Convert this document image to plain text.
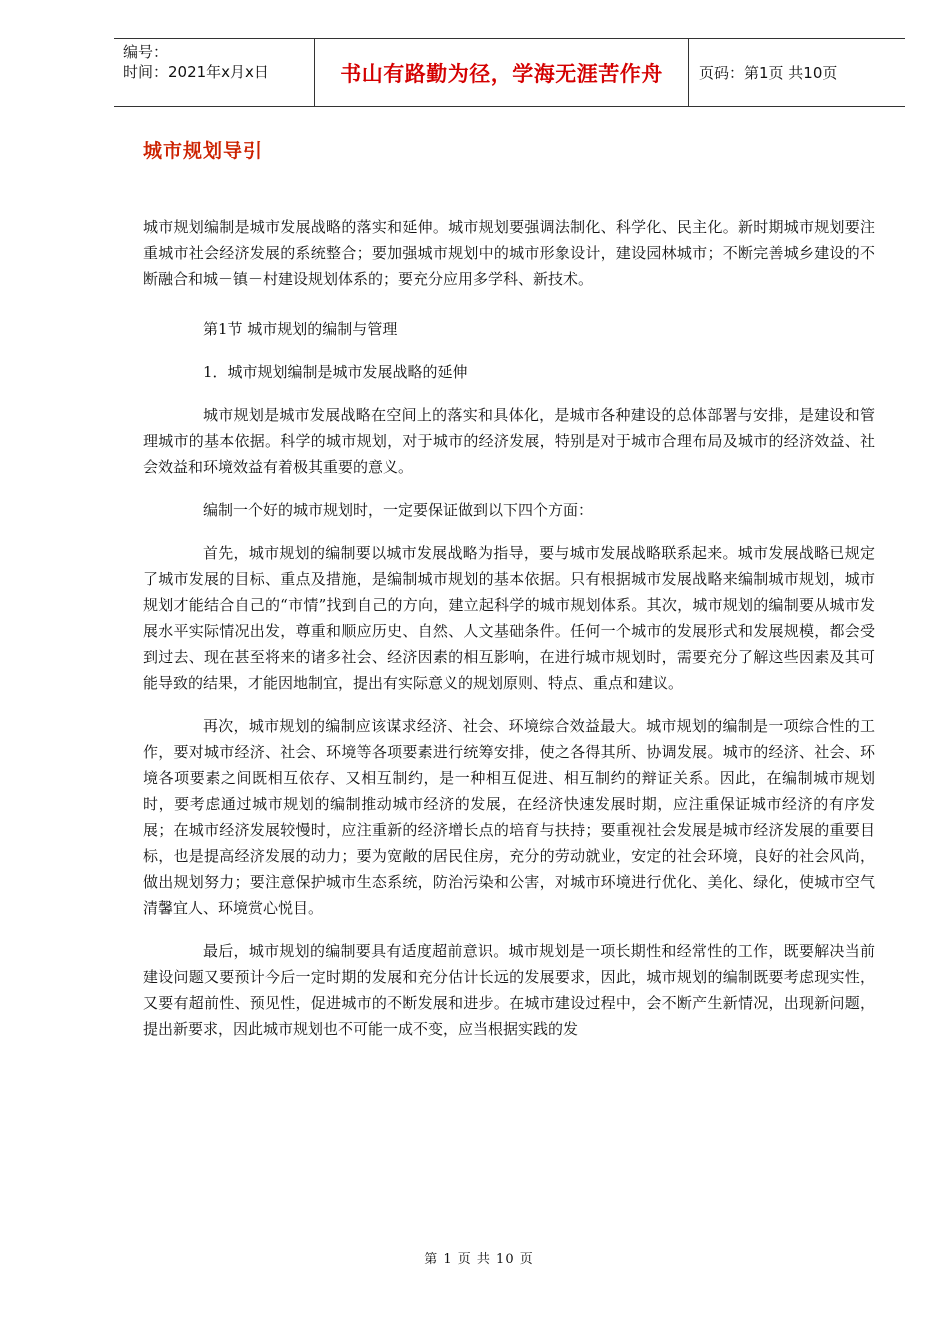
编号：
时间：2021年x月x日	书山有路勤为径，学海无涯苦作舟	页码：第1页 共10页
城市规划导引

城市规划编制是城市发展战略的落实和延伸。城市规划要强调法制化、科学化、民主化。新时期城市规划要注重城市社会经济发展的系统整合；要加强城市规划中的城市形象设计，建设园林城市；不断完善城乡建设的不断融合和城－镇－村建设规划体系的；要充分应用多学科、新技术。

第1节 城市规划的编制与管理

1．城市规划编制是城市发展战略的延伸

城市规划是城市发展战略在空间上的落实和具体化，是城市各种建设的总体部署与安排，是建设和管理城市的基本依据。科学的城市规划，对于城市的经济发展，特别是对于城市合理布局及城市的经济效益、社会效益和环境效益有着极其重要的意义。

编制一个好的城市规划时，一定要保证做到以下四个方面：

首先，城市规划的编制要以城市发展战略为指导，要与城市发展战略联系起来。城市发展战略已规定了城市发展的目标、重点及措施，是编制城市规划的基本依据。只有根据城市发展战略来编制城市规划，城市规划才能结合自己的“市情”找到自己的方向，建立起科学的城市规划体系。其次，城市规划的编制要从城市发展水平实际情况出发，尊重和顺应历史、自然、人文基础条件。任何一个城市的发展形式和发展规模，都会受到过去、现在甚至将来的诸多社会、经济因素的相互影响，在进行城市规划时，需要充分了解这些因素及其可能导致的结果，才能因地制宜，提出有实际意义的规划原则、特点、重点和建议。

再次，城市规划的编制应该谋求经济、社会、环境综合效益最大。城市规划的编制是一项综合性的工作，要对城市经济、社会、环境等各项要素进行统筹安排，使之各得其所、协调发展。城市的经济、社会、环境各项要素之间既相互依存、又相互制约，是一种相互促进、相互制约的辩证关系。因此，在编制城市规划时，要考虑通过城市规划的编制推动城市经济的发展，在经济快速发展时期，应注重保证城市经济的有序发展；在城市经济发展较慢时，应注重新的经济增长点的培育与扶持；要重视社会发展是城市经济发展的重要目标，也是提高经济发展的动力；要为宽敞的居民住房，充分的劳动就业，安定的社会环境，良好的社会风尚，做出规划努力；要注意保护城市生态系统，防治污染和公害，对城市环境进行优化、美化、绿化，使城市空气清馨宜人、环境赏心悦目。

最后，城市规划的编制要具有适度超前意识。城市规划是一项长期性和经常性的工作，既要解决当前建设问题又要预计今后一定时期的发展和充分估计长远的发展要求，因此，城市规划的编制既要考虑现实性，又要有超前性、预见性，促进城市的不断发展和进步。在城市建设过程中，会不断产生新情况，出现新问题，提出新要求，因此城市规划也不可能一成不变，应当根据实践的发

第 1 页 共 10 页
